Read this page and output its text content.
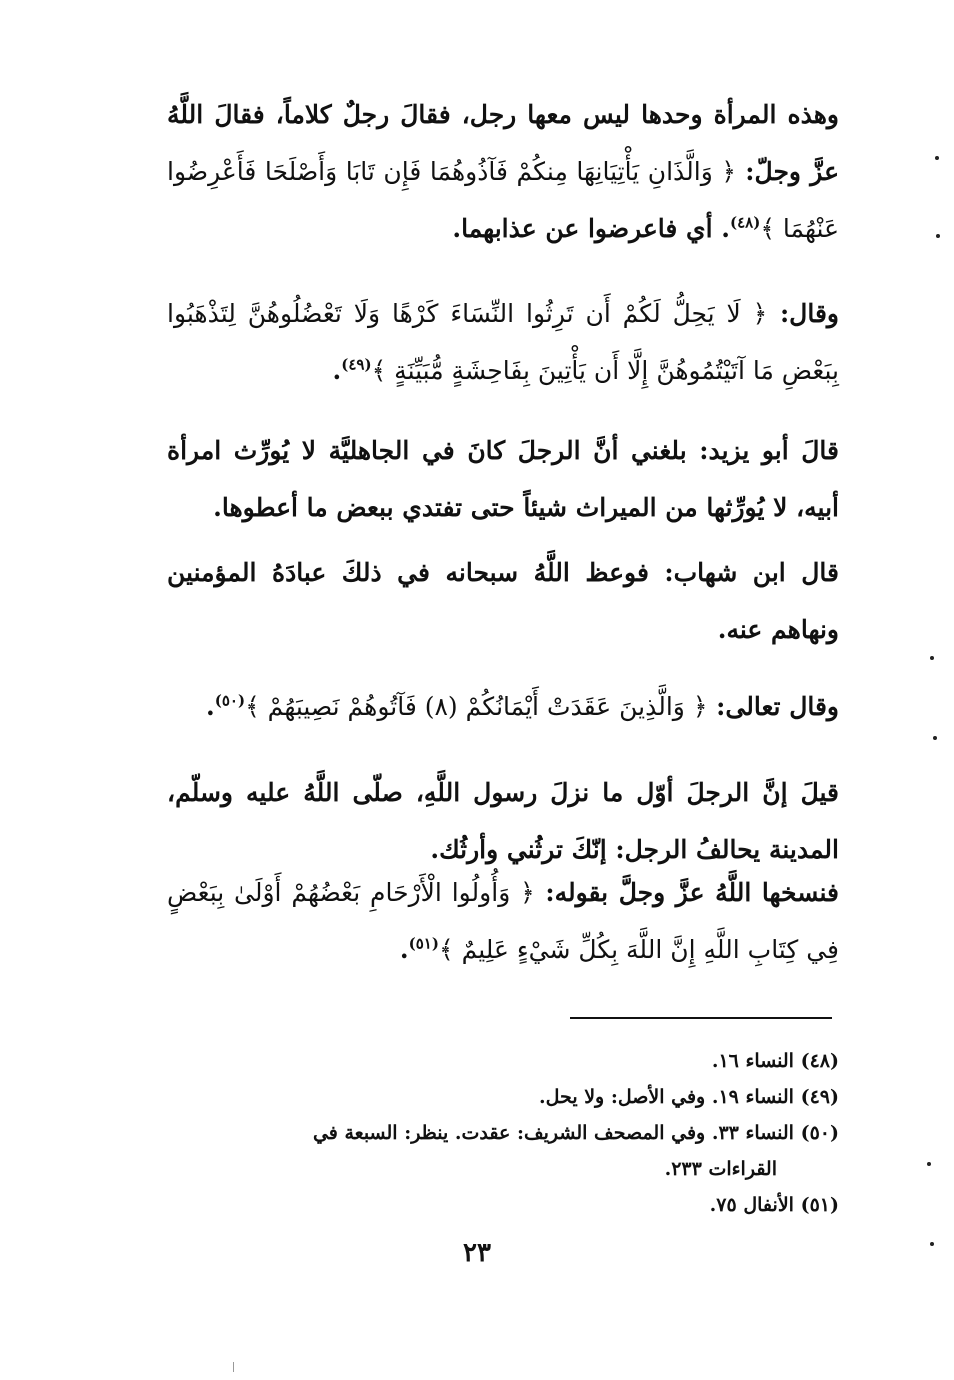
وهذه المرأة وحدها ليس معها رجل، فقالَ رجلٌ كلاماً، فقالَ اللَّهُ عزَّ وجلّ: ﴿ وَالَّذَانِ يَأْتِيَانِهَا مِنكُمْ فَآذُوهُمَا فَإِن تَابَا وَأَصْلَحَا فَأَعْرِضُوا عَنْهُمَا ﴾$^{(٤٨)}$. أي فاعرضوا عن عذابهما.
وقال: ﴿ لَا يَحِلُّ لَكُمْ أَن تَرِثُوا النِّسَاءَ كَرْهًا وَلَا تَعْضُلُوهُنَّ لِتَذْهَبُوا بِبَعْضِ مَا آتَيْتُمُوهُنَّ إِلَّا أَن يَأْتِينَ بِفَاحِشَةٍ مُّبَيِّنَةٍ ﴾$^{(٤٩)}$.
قالَ أبو يزيد: بلغني أنَّ الرجلَ كانَ في الجاهليَّة لا يُورِّث امرأة أبيه، لا يُورِّثها من الميراث شيئاً حتى تفتدي ببعض ما أعطوها.
قال ابن شهاب: فوعظ اللَّهُ سبحانه في ذلكَ عبادَهُ المؤمنين ونهاهم عنه.
وقال تعالى: ﴿ وَالَّذِينَ عَقَدَتْ أَيْمَانُكُمْ (٨) فَآتُوهُمْ نَصِيبَهُمْ ﴾$^{(٥٠)}$.
قيلَ إنَّ الرجلَ أوّل ما نزلَ رسول اللَّهِ، صلّى اللَّهُ عليه وسلّم، المدينة يحالفُ الرجل: إنّكَ ترثُني وأرثُك.
فنسخها اللَّهُ عزَّ وجلَّ بقوله: ﴿ وَأُولُوا الْأَرْحَامِ بَعْضُهُمْ أَوْلَىٰ بِبَعْضٍ فِي كِتَابِ اللَّهِ إِنَّ اللَّهَ بِكُلِّ شَيْءٍ عَلِيمٌ ﴾$^{(٥١)}$.
(٤٨) النساء ١٦.
(٤٩) النساء ١٩. وفي الأصل: ولا يحل.
(٥٠) النساء ٣٣. وفي المصحف الشريف: عقدت. ينظر: السبعة في
القراءات ٢٣٣.
(٥١) الأنفال ٧٥.
٢٣
